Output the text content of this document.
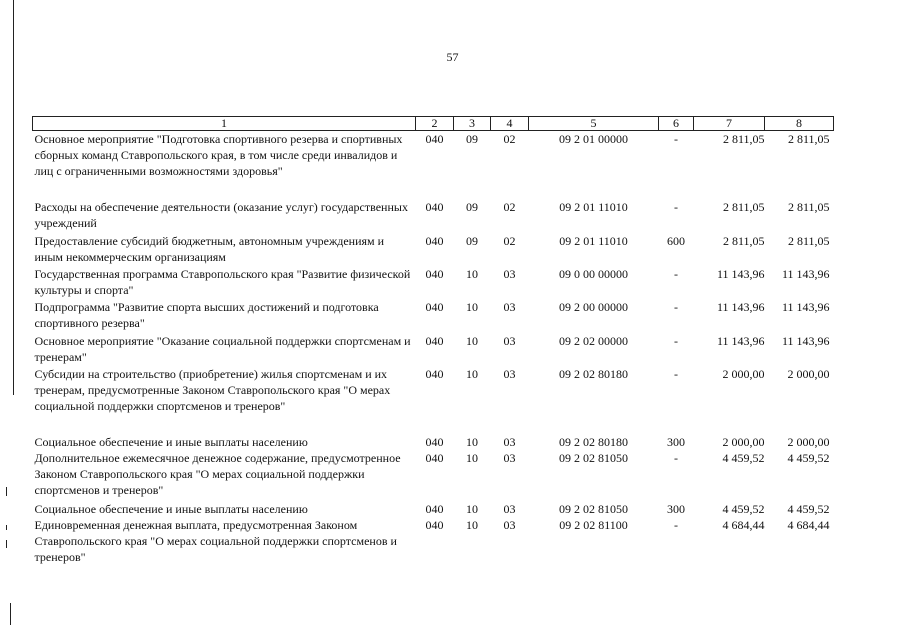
57
1	2	3	4	5	6	7	8
Основное мероприятие "Подготовка спортивного резерва и спортивных сборных команд Ставропольского края, в том числе среди инвалидов и лиц с ограниченными возможностями здоровья"	040	09	02	09 2 01 00000	-	2 811,05	2 811,05
Расходы на обеспечение деятельности (оказание услуг) государственных учреждений	040	09	02	09 2 01 11010	-	2 811,05	2 811,05
Предоставление субсидий бюджетным, автономным учреждениям и иным некоммерческим организациям	040	09	02	09 2 01 11010	600	2 811,05	2 811,05
Государственная программа Ставропольского края "Развитие физической культуры и спорта"	040	10	03	09 0 00 00000	-	11 143,96	11 143,96
Подпрограмма "Развитие спорта высших достижений и подготовка спортивного резерва"	040	10	03	09 2 00 00000	-	11 143,96	11 143,96
Основное мероприятие "Оказание социальной поддержки спортсменам и тренерам"	040	10	03	09 2 02 00000	-	11 143,96	11 143,96
Субсидии на строительство (приобретение) жилья спортсменам и их тренерам, предусмотренные Законом Ставропольского края "О мерах социальной поддержки спортсменов и тренеров"	040	10	03	09 2 02 80180	-	2 000,00	2 000,00
Социальное обеспечение и иные выплаты населению	040	10	03	09 2 02 80180	300	2 000,00	2 000,00
Дополнительное ежемесячное денежное содержание, предусмотренное Законом Ставропольского края "О мерах социальной поддержки спортсменов и тренеров"	040	10	03	09 2 02 81050	-	4 459,52	4 459,52
Социальное обеспечение и иные выплаты населению	040	10	03	09 2 02 81050	300	4 459,52	4 459,52
Единовременная денежная выплата, предусмотренная Законом Ставропольского края "О мерах социальной поддержки спортсменов и тренеров"	040	10	03	09 2 02 81100	-	4 684,44	4 684,44
